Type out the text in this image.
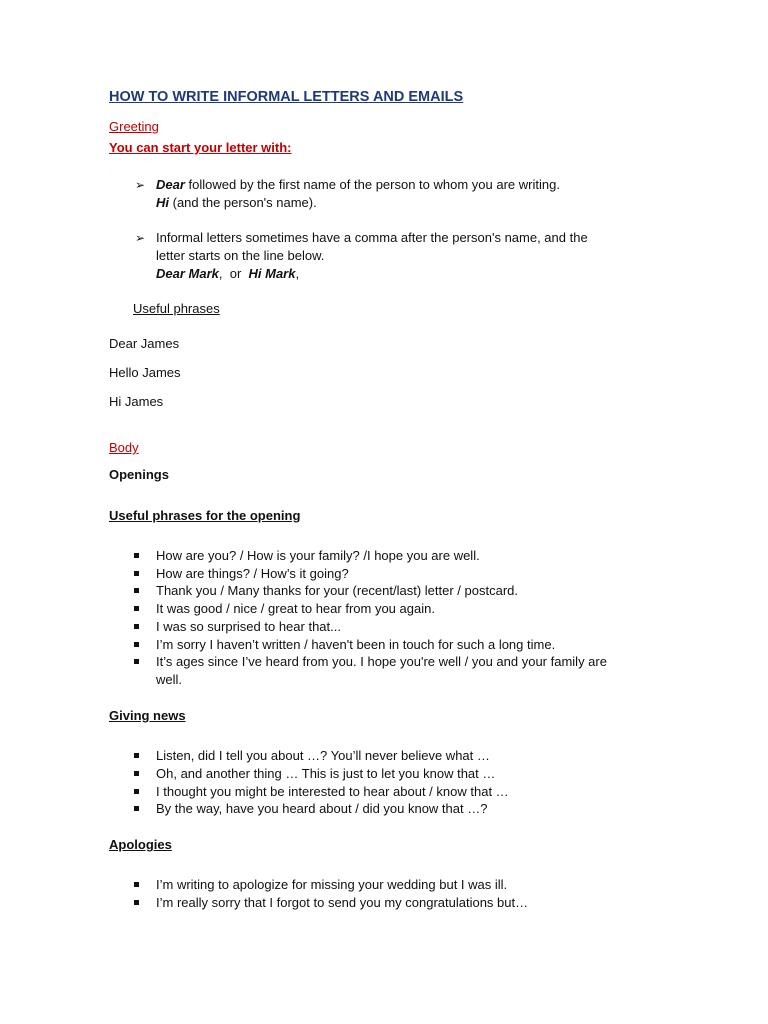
HOW TO WRITE INFORMAL LETTERS AND EMAILS
Greeting
You can start your letter with:
➢ Dear followed by the first name of the person to whom you are writing.
Hi (and the person's name).
➢ Informal letters sometimes have a comma after the person's name, and the
letter starts on the line below.
Dear Mark,  or  Hi Mark,
Useful phrases
Dear James
Hello James
Hi James
Body
Openings
Useful phrases for the opening
How are you? / How is your family? /I hope you are well.
How are things? / How’s it going?
Thank you / Many thanks for your (recent/last) letter / postcard.
It was good / nice / great to hear from you again.
I was so surprised to hear that...
I’m sorry I haven’t written / haven't been in touch for such a long time.
It’s ages since I’ve heard from you. I hope you're well / you and your family are
well.
Giving news
Listen, did I tell you about …? You’ll never believe what …
Oh, and another thing … This is just to let you know that …
I thought you might be interested to hear about / know that …
By the way, have you heard about / did you know that …?
Apologies
I’m writing to apologize for missing your wedding but I was ill.
I’m really sorry that I forgot to send you my congratulations but…
